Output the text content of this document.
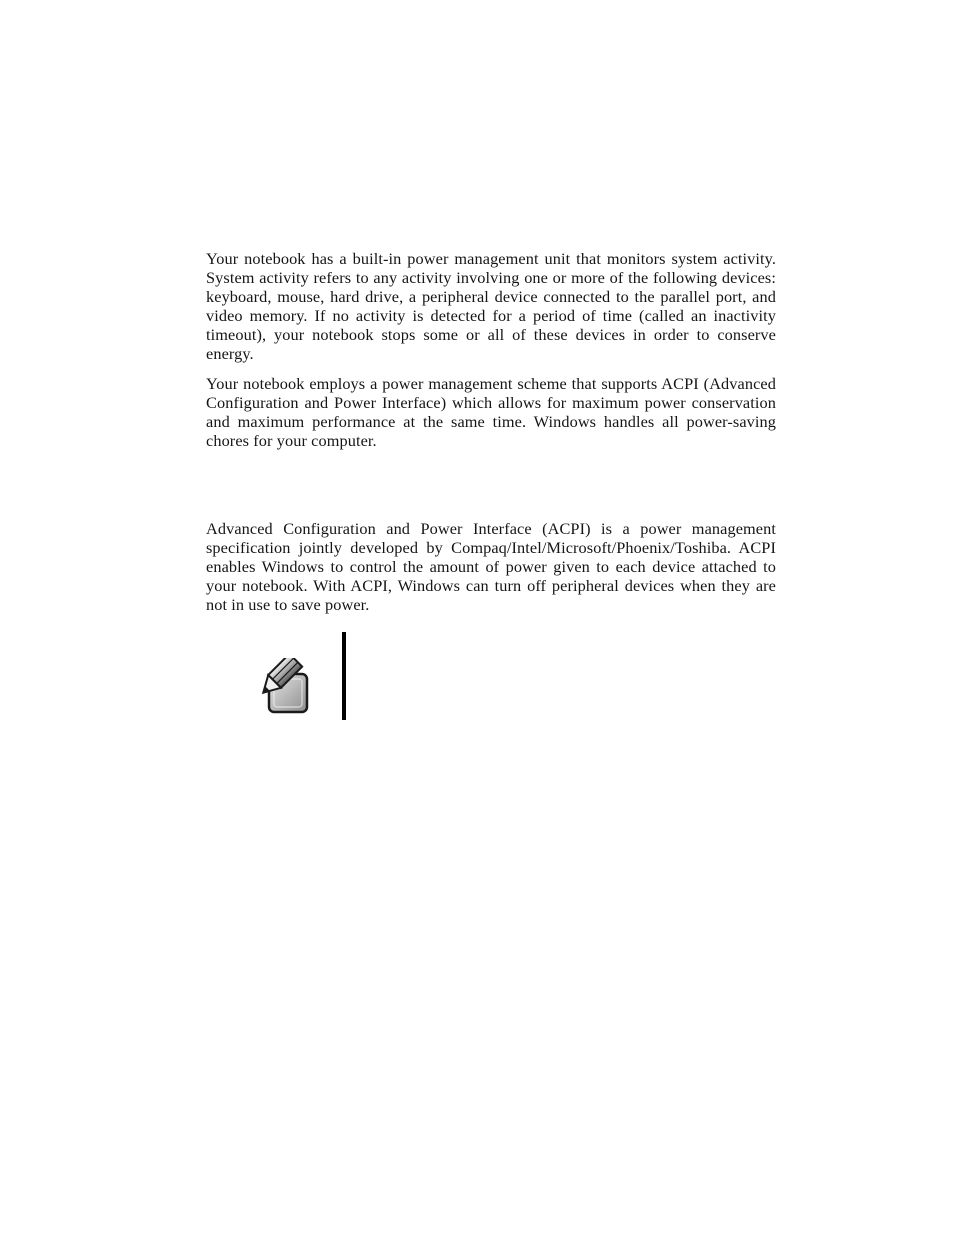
Your notebook has a built-in power management unit that monitors system activity. System activity refers to any activity involving one or more of the following devices: keyboard, mouse, hard drive, a peripheral device connected to the parallel port, and video memory. If no activity is detected for a period of time (called an inactivity timeout), your notebook stops some or all of these devices in order to conserve energy.

Your notebook employs a power management scheme that supports ACPI (Advanced Configuration and Power Interface) which allows for maximum power conservation and maximum performance at the same time. Windows handles all power-saving chores for your computer.

Advanced Configuration and Power Interface (ACPI) is a power management specification jointly developed by Compaq/Intel/Microsoft/Phoenix/Toshiba. ACPI enables Windows to control the amount of power given to each device attached to your notebook. With ACPI, Windows can turn off peripheral devices when they are not in use to save power.
